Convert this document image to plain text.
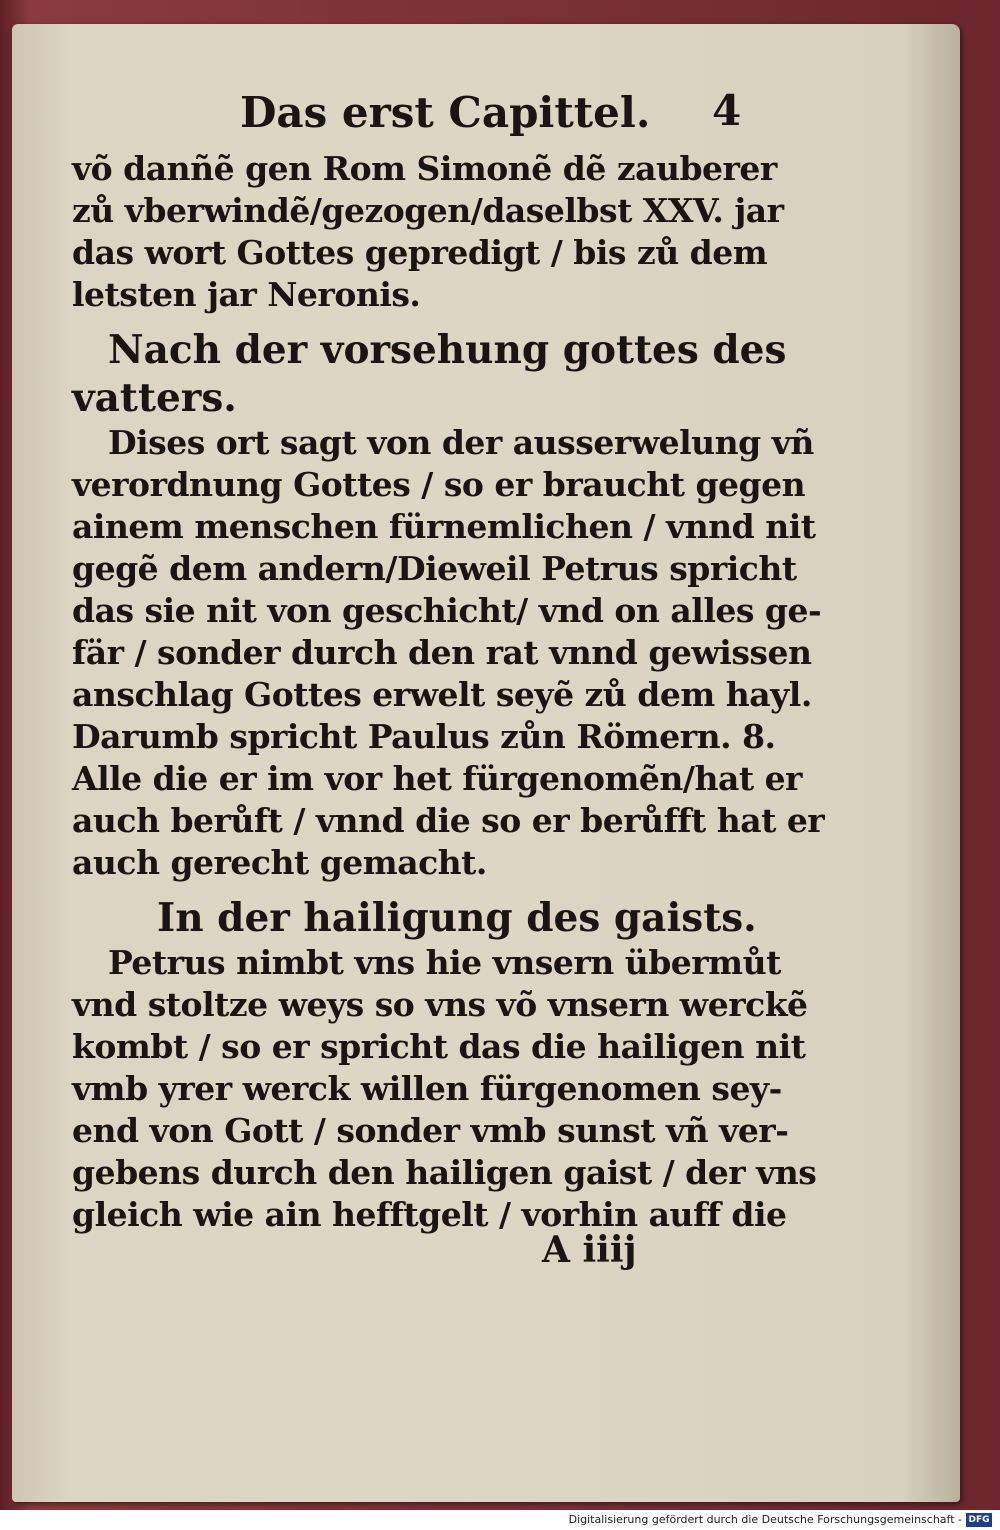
Das erst Capittel. 4
võ danñẽ gen Rom Simonẽ dẽ zauberer
zů vberwindẽ/gezogen/daselbst XXV. jar
das wort Gottes gepredigt / bis zů dem
letsten jar Neronis.
Nach der vorsehung gottes des
vatters.
Dises ort sagt von der ausserwelung vñ
verordnung Gottes / so er braucht gegen
ainem menschen fürnemlichen / vnnd nit
gegẽ dem andern/Dieweil Petrus spricht
das sie nit von geschicht/ vnd on alles ge-
fär / sonder durch den rat vnnd gewissen
anschlag Gottes erwelt seyẽ zů dem hayl.
Darumb spricht Paulus zůn Römern. 8.
Alle die er im vor het fürgenomẽn/hat er
auch berůft / vnnd die so er berůfft hat er
auch gerecht gemacht.
In der hailigung des gaists.
Petrus nimbt vns hie vnsern übermůt
vnd stoltze weys so vns võ vnsern werckẽ
kombt / so er spricht das die hailigen nit
vmb yrer werck willen fürgenomen sey-
end von Gott / sonder vmb sunst vñ ver-
gebens durch den hailigen gaist / der vns
gleich wie ain hefftgelt / vorhin auff die
A iiij
Digitalisierung gefördert durch die Deutsche Forschungsgemeinschaft - DFG
